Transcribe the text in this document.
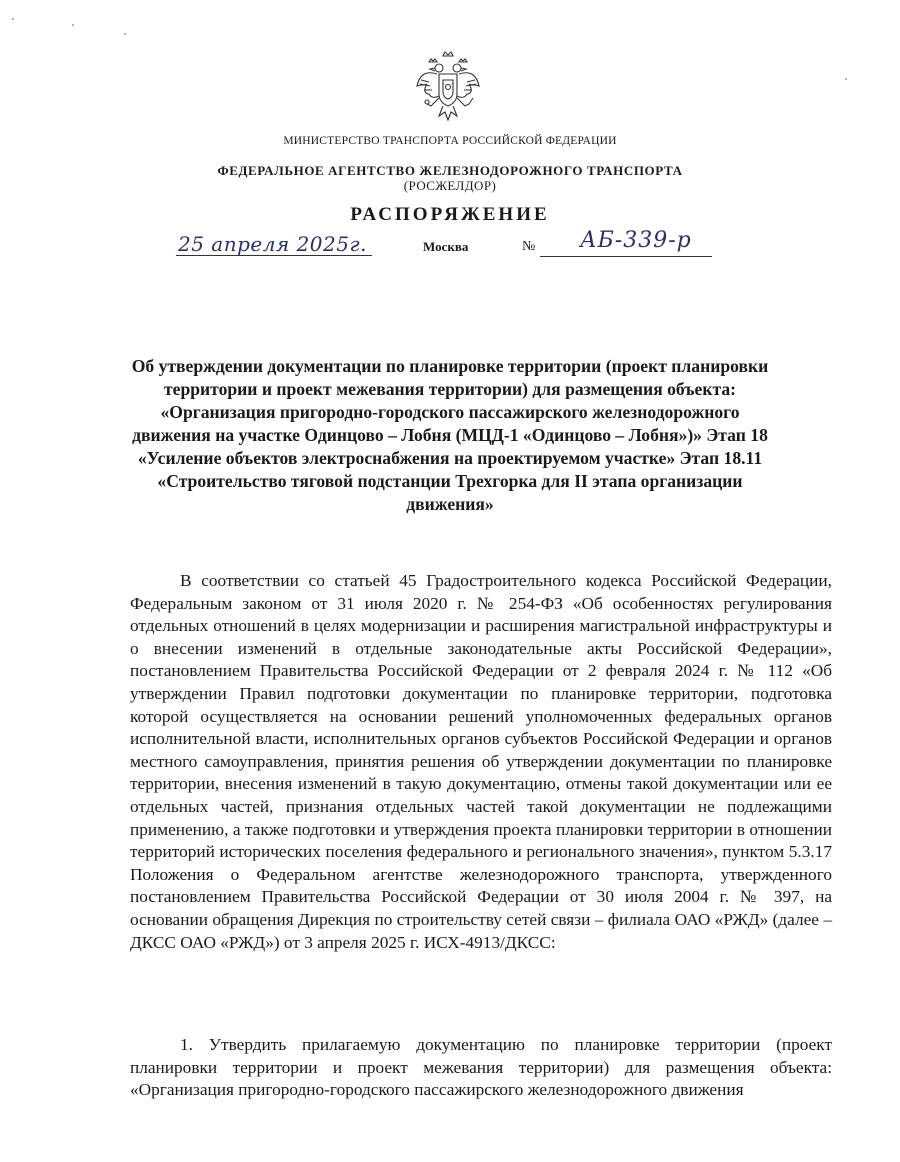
МИНИСТЕРСТВО ТРАНСПОРТА РОССИЙСКОЙ ФЕДЕРАЦИИ
ФЕДЕРАЛЬНОЕ АГЕНТСТВО ЖЕЛЕЗНОДОРОЖНОГО ТРАНСПОРТА
(РОСЖЕЛДОР)
РАСПОРЯЖЕНИЕ
25 апреля 2025г.	Москва	№ АБ-339-р
Об утверждении документации по планировке территории (проект планировки территории и проект межевания территории) для размещения объекта: «Организация пригородно-городского пассажирского железнодорожного движения на участке Одинцово – Лобня (МЦД-1 «Одинцово – Лобня»)» Этап 18 «Усиление объектов электроснабжения на проектируемом участке» Этап 18.11 «Строительство тяговой подстанции Трехгорка для II этапа организации движения»

В соответствии со статьей 45 Градостроительного кодекса Российской Федерации, Федеральным законом от 31 июля 2020 г. № 254-ФЗ «Об особенностях регулирования отдельных отношений в целях модернизации и расширения магистральной инфраструктуры и о внесении изменений в отдельные законодательные акты Российской Федерации», постановлением Правительства Российской Федерации от 2 февраля 2024 г. № 112 «Об утверждении Правил подготовки документации по планировке территории, подготовка которой осуществляется на основании решений уполномоченных федеральных органов исполнительной власти, исполнительных органов субъектов Российской Федерации и органов местного самоуправления, принятия решения об утверждении документации по планировке территории, внесения изменений в такую документацию, отмены такой документации или ее отдельных частей, признания отдельных частей такой документации не подлежащими применению, а также подготовки и утверждения проекта планировки территории в отношении территорий исторических поселения федерального и регионального значения», пунктом 5.3.17 Положения о Федеральном агентстве железнодорожного транспорта, утвержденного постановлением Правительства Российской Федерации от 30 июля 2004 г. № 397, на основании обращения Дирекция по строительству сетей связи – филиала ОАО «РЖД» (далее – ДКСС ОАО «РЖД») от 3 апреля 2025 г. ИСХ-4913/ДКСС:

1. Утвердить прилагаемую документацию по планировке территории (проект планировки территории и проект межевания территории) для размещения объекта: «Организация пригородно-городского пассажирского железнодорожного движения
